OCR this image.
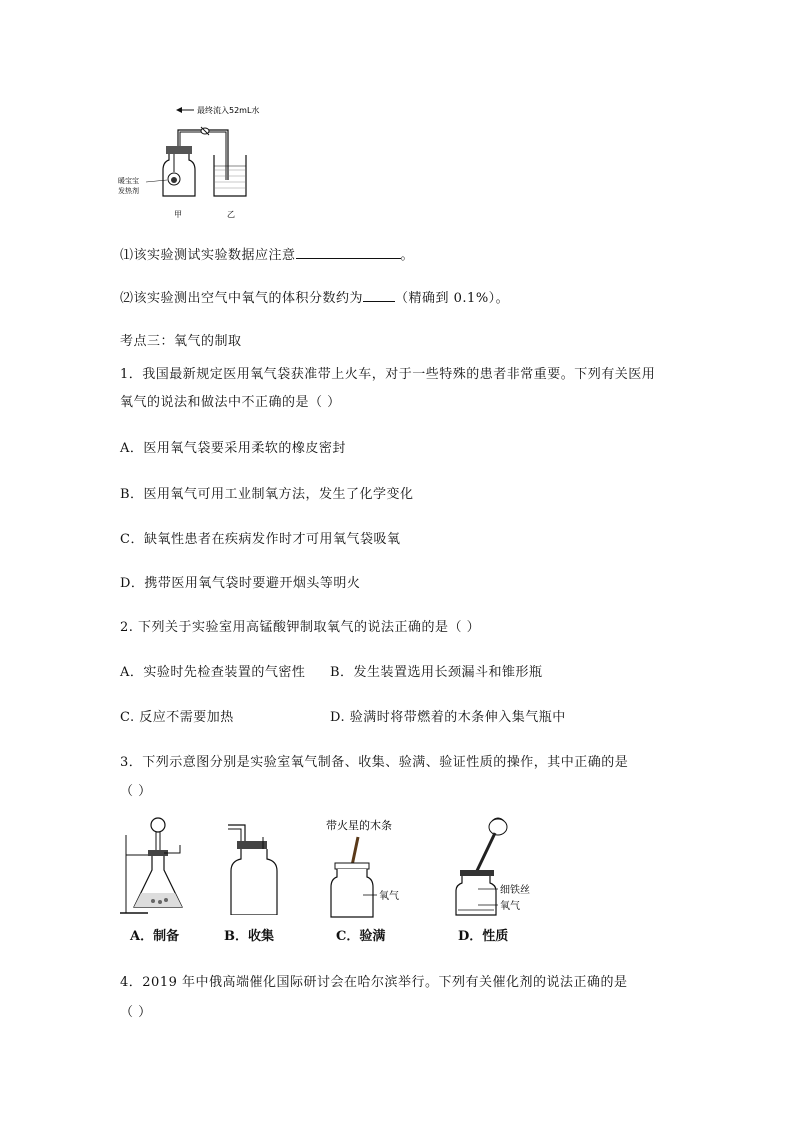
最终流入52mL水
暖宝宝
发热剂
甲	乙
⑴该实验测试实验数据应注意	。
⑵该实验测出空气中氧气的体积分数约为 （精确到 0.1%）。
考点三：氧气的制取
1．我国最新规定医用氧气袋获准带上火车，对于一些特殊的患者非常重要。下列有关医用
氧气的说法和做法中不正确的是（ ）
A．医用氧气袋要采用柔软的橡皮密封
B．医用氧气可用工业制氧方法，发生了化学变化
C．缺氧性患者在疾病发作时才可用氧气袋吸氧
D．携带医用氧气袋时要避开烟头等明火
2. 下列关于实验室用高锰酸钾制取氧气的说法正确的是（ ）
A．实验时先检查装置的气密性 B．发生装置选用长颈漏斗和锥形瓶
C. 反应不需要加热	D. 验满时将带燃着的木条伸入集气瓶中
3．下列示意图分别是实验室氧气制备、收集、验满、验证性质的操作，其中正确的是
（ ）
A．制备	B．收集
带火星的木条
氧气
C．验满
细铁丝
氧气
D．性质
4．2019 年中俄高端催化国际研讨会在哈尔滨举行。下列有关催化剂的说法正确的是
（ ）
